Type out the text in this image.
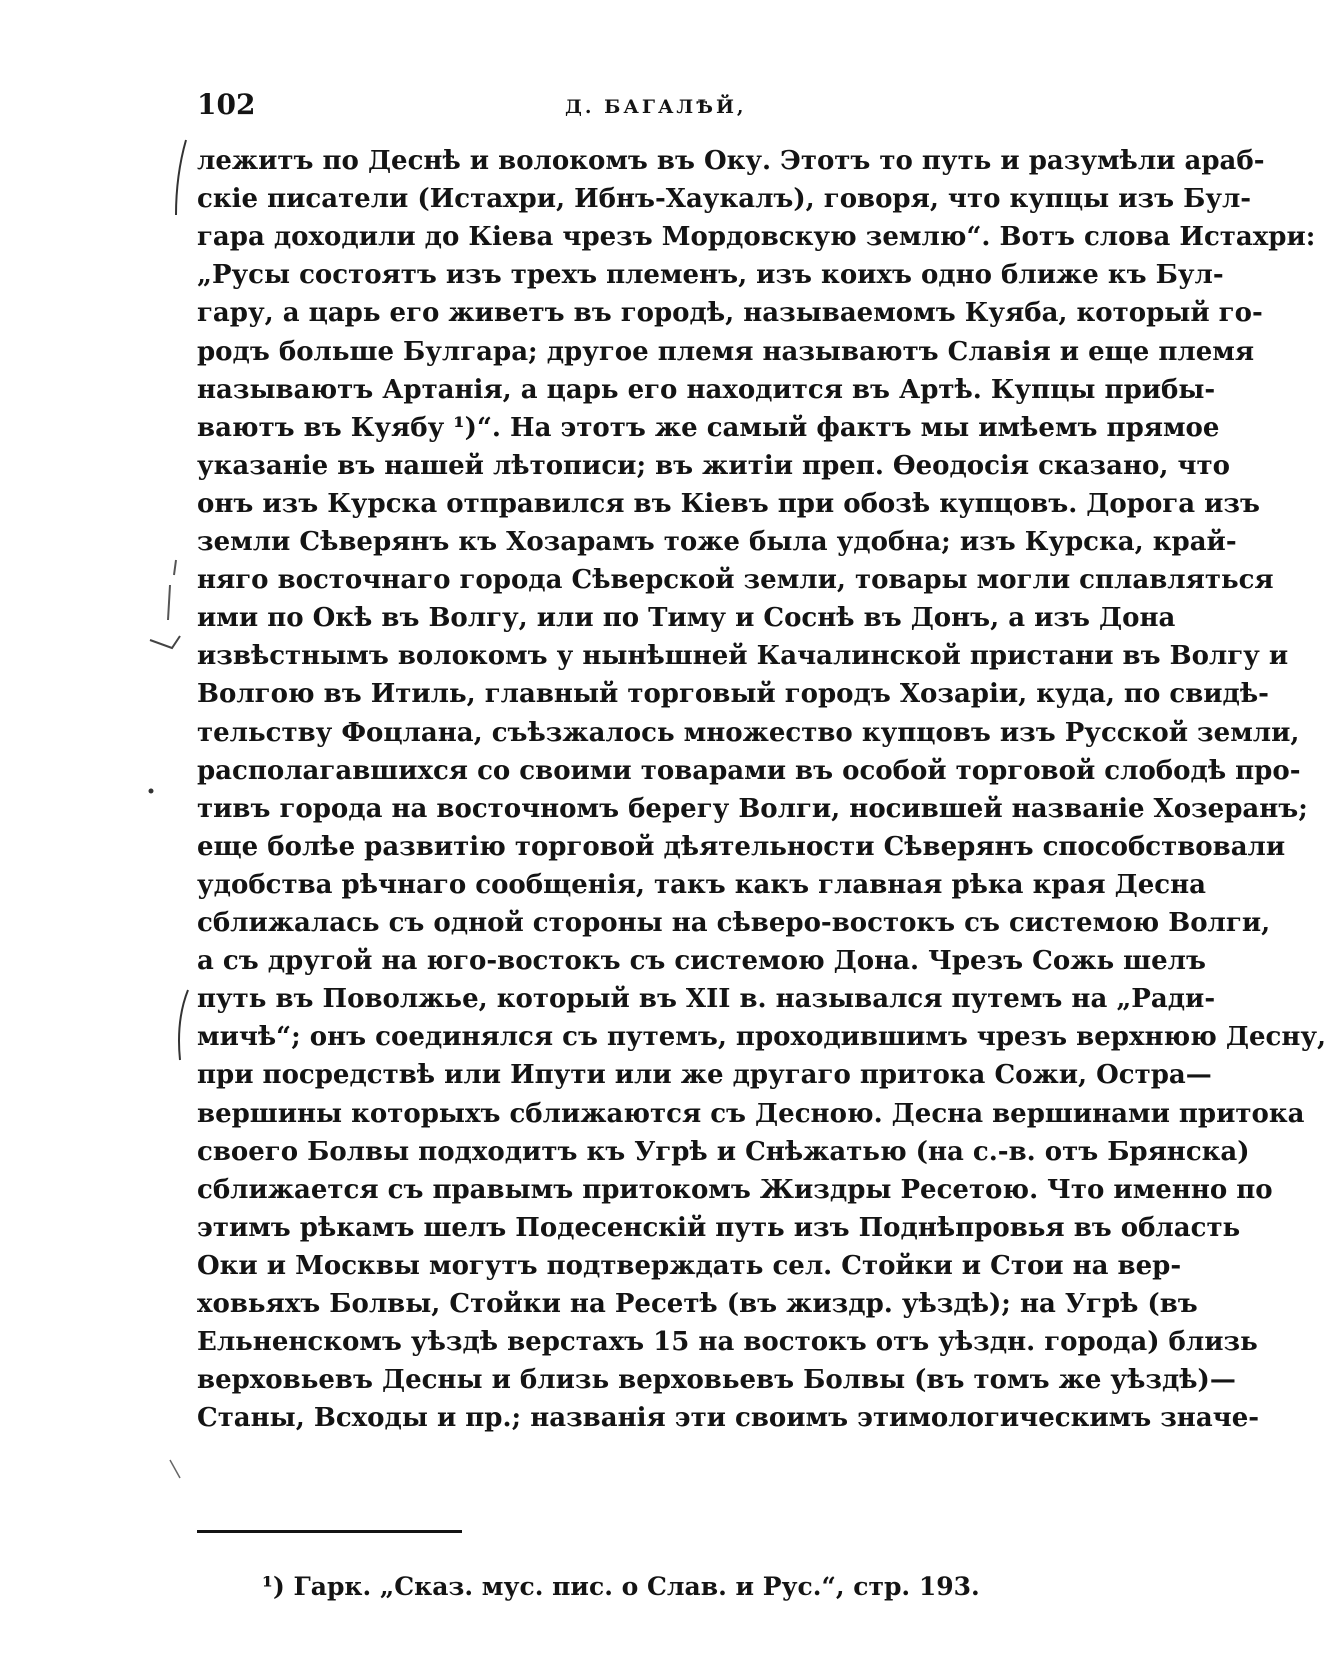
102	Д. БАГАЛѢЙ,
лежитъ по Деснѣ и волокомъ въ Оку. Этотъ то путь и разумѣли араб-
скіе писатели (Истахри, Ибнъ-Хаукалъ), говоря, что купцы изъ Бул-
гара доходили до Кіева чрезъ Мордовскую землю“. Вотъ слова Истахри:
„Русы состоятъ изъ трехъ племенъ, изъ коихъ одно ближе къ Бул-
гару, а царь его живетъ въ городѣ, называемомъ Куяба, который го-
родъ больше Булгара; другое племя называютъ Славія и еще племя
называютъ Артанія, а царь его находится въ Артѣ. Купцы прибы-
ваютъ въ Куябу ¹)“. На этотъ же самый фактъ мы имѣемъ прямое
указаніе въ нашей лѣтописи; въ житіи преп. Ѳеодосія сказано, что
онъ изъ Курска отправился въ Кіевъ при обозѣ купцовъ. Дорога изъ
земли Сѣверянъ къ Хозарамъ тоже была удобна; изъ Курска, край-
няго восточнаго города Сѣверской земли, товары могли сплавляться
ими по Окѣ въ Волгу, или по Тиму и Соснѣ въ Донъ, а изъ Дона
извѣстнымъ волокомъ у нынѣшней Качалинской пристани въ Волгу и
Волгою въ Итиль, главный торговый городъ Хозаріи, куда, по свидѣ-
тельству Фоцлана, съѣзжалось множество купцовъ изъ Русской земли,
располагавшихся со своими товарами въ особой торговой слободѣ про-
тивъ города на восточномъ берегу Волги, носившей названіе Хозеранъ;
еще болѣе развитію торговой дѣятельности Сѣверянъ способствовали
удобства рѣчнаго сообщенія, такъ какъ главная рѣка края Десна
сближалась съ одной стороны на сѣверо-востокъ съ системою Волги,
а съ другой на юго-востокъ съ системою Дона. Чрезъ Сожь шелъ
путь въ Поволжье, который въ XII в. назывался путемъ на „Ради-
мичѣ“; онъ соединялся съ путемъ, проходившимъ чрезъ верхнюю Десну,
при посредствѣ или Ипути или же другаго притока Сожи, Остра—
вершины которыхъ сближаются съ Десною. Десна вершинами притока
своего Болвы подходитъ къ Угрѣ и Снѣжатью (на с.-в. отъ Брянска)
сближается съ правымъ притокомъ Жиздры Ресетою. Что именно по
этимъ рѣкамъ шелъ Подесенскій путь изъ Поднѣпровья въ область
Оки и Москвы могутъ подтверждать сел. Стойки и Стои на вер-
ховьяхъ Болвы, Стойки на Ресетѣ (въ жиздр. уѣздѣ); на Угрѣ (въ
Ельненскомъ уѣздѣ верстахъ 15 на востокъ отъ уѣздн. города) близь
верховьевъ Десны и близь верховьевъ Болвы (въ томъ же уѣздѣ)—
Станы, Всходы и пр.; названія эти своимъ этимологическимъ значе-
¹) Гарк. „Сказ. мус. пис. о Слав. и Рус.“, стр. 193.
